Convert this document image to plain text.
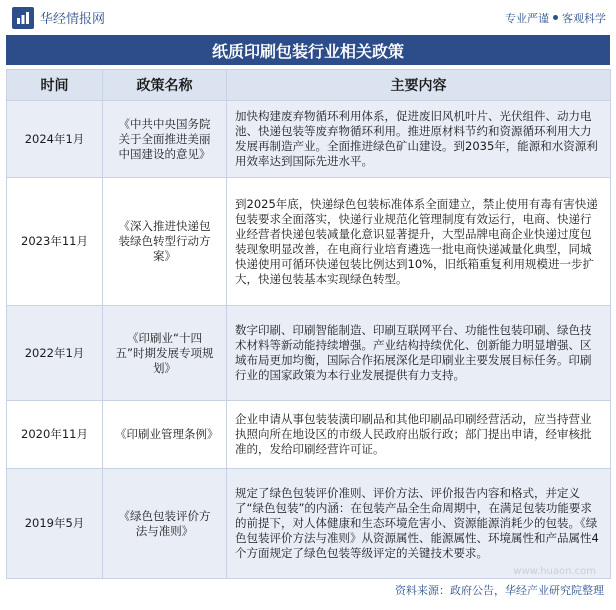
华经情报网	专业严谨 客观科学
纸质印刷包装行业相关政策
时间	政策名称	主要内容
2024年1月	《中共中央国务院关于全面推进美丽中国建设的意见》	加快构建废弃物循环利用体系，促进废旧风机叶片、光伏组件、动力电池、快递包装等废弃物循环利用。推进原材料节约和资源循环利用大力发展再制造产业。全面推进绿色矿山建设。到2035年，能源和水资源利用效率达到国际先进水平。
2023年11月	《深入推进快递包装绿色转型行动方案》	到2025年底，快递绿色包装标准体系全面建立，禁止使用有毒有害快递包装要求全面落实，快递行业规范化管理制度有效运行，电商、快递行业经营者快递包装减量化意识显著提升，大型品牌电商企业快递过度包装现象明显改善，在电商行业培育遴选一批电商快递减量化典型，同城快递使用可循环快递包装比例达到10%，旧纸箱重复利用规模进一步扩大，快递包装基本实现绿色转型。
2022年1月	《印刷业“十四五”时期发展专项规划》	数字印刷、印刷智能制造、印刷互联网平台、功能性包装印刷、绿色技术材料等新动能持续增强。产业结构持续优化、创新能力明显增强、区域布局更加均衡，国际合作拓展深化是印刷业主要发展目标任务。印刷行业的国家政策为本行业发展提供有力支持。
2020年11月	《印刷业管理条例》	企业申请从事包装装潢印刷品和其他印刷品印刷经营活动，应当持营业执照向所在地设区的市级人民政府出版行政；部门提出申请，经审核批准的，发给印刷经营许可证。
2019年5月	《绿色包装评价方法与准则》	规定了绿色包装评价准则、评价方法、评价报告内容和格式，并定义了“绿色包装”的内涵：在包装产品全生命周期中，在满足包装功能要求的前提下，对人体健康和生态环境危害小、资源能源消耗少的包装。《绿色包装评价方法与准则》从资源属性、能源属性、环境属性和产品属性4个方面规定了绿色包装等级评定的关键技术要求。
www.huaon.com
资料来源：政府公告，华经产业研究院整理
